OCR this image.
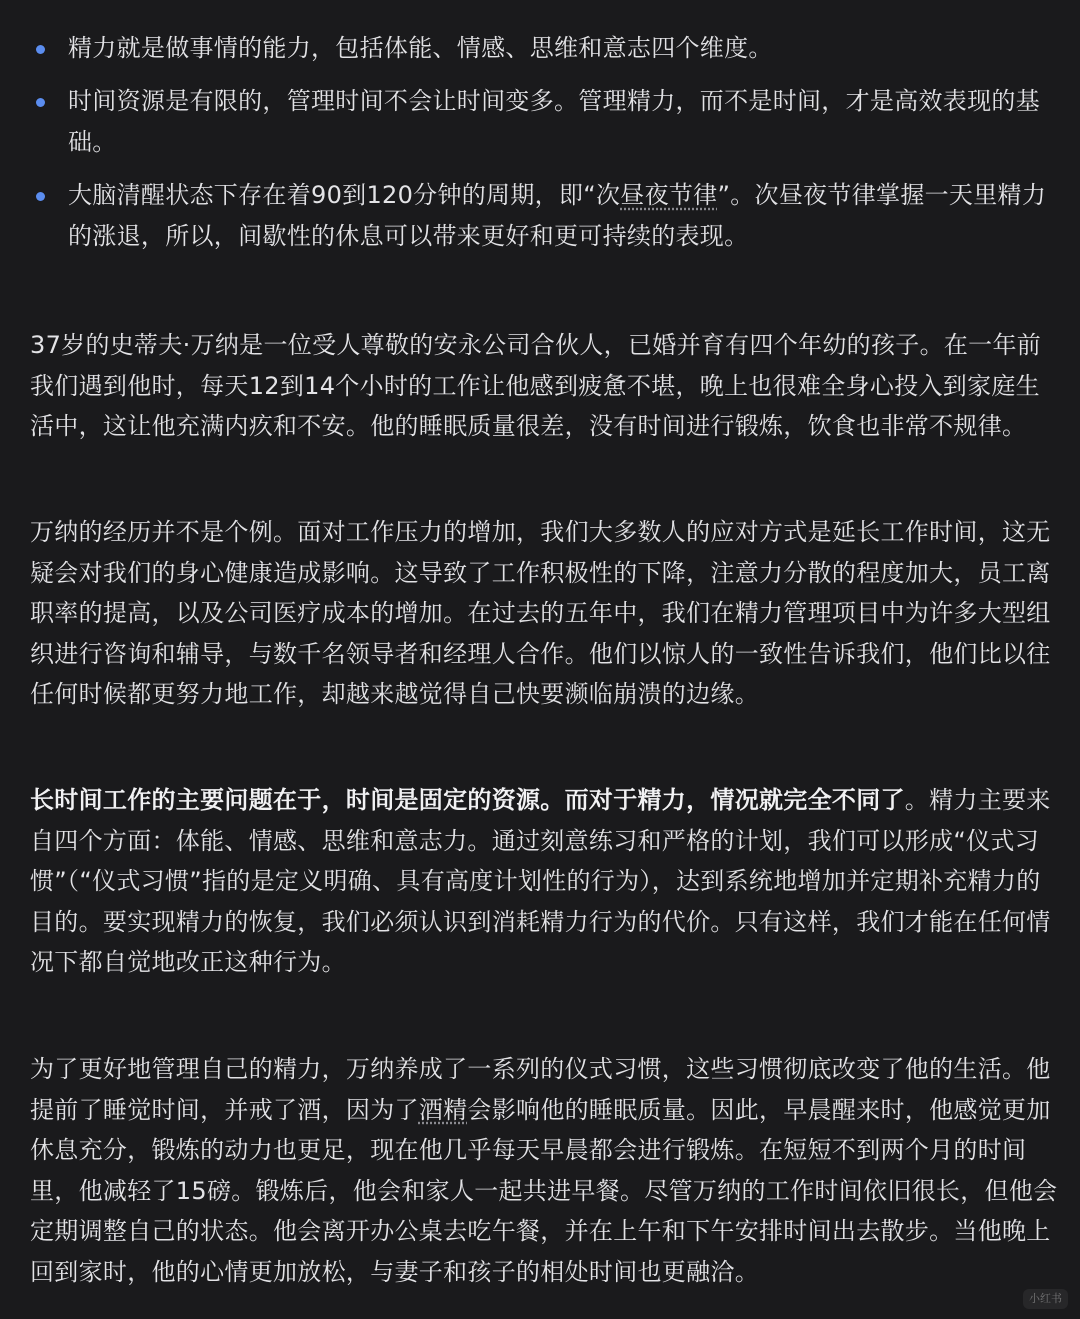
精力就是做事情的能力，包括体能、情感、思维和意志四个维度。
时间资源是有限的，管理时间不会让时间变多。管理精力，而不是时间，才是高效表现的基础。
大脑清醒状态下存在着90到120分钟的周期，即“次昼夜节律”。次昼夜节律掌握一天里精力的涨退，所以，间歇性的休息可以带来更好和更可持续的表现。

37岁的史蒂夫·万纳是一位受人尊敬的安永公司合伙人，已婚并育有四个年幼的孩子。在一年前我们遇到他时，每天12到14个小时的工作让他感到疲惫不堪，晚上也很难全身心投入到家庭生活中，这让他充满内疚和不安。他的睡眠质量很差，没有时间进行锻炼，饮食也非常不规律。

万纳的经历并不是个例。面对工作压力的增加，我们大多数人的应对方式是延长工作时间，这无疑会对我们的身心健康造成影响。这导致了工作积极性的下降，注意力分散的程度加大，员工离职率的提高，以及公司医疗成本的增加。在过去的五年中，我们在精力管理项目中为许多大型组织进行咨询和辅导，与数千名领导者和经理人合作。他们以惊人的一致性告诉我们，他们比以往任何时候都更努力地工作，却越来越觉得自己快要濒临崩溃的边缘。

长时间工作的主要问题在于，时间是固定的资源。而对于精力，情况就完全不同了。精力主要来自四个方面：体能、情感、思维和意志力。通过刻意练习和严格的计划，我们可以形成“仪式习惯”（“仪式习惯”指的是定义明确、具有高度计划性的行为），达到系统地增加并定期补充精力的目的。要实现精力的恢复，我们必须认识到消耗精力行为的代价。只有这样，我们才能在任何情况下都自觉地改正这种行为。

为了更好地管理自己的精力，万纳养成了一系列的仪式习惯，这些习惯彻底改变了他的生活。他提前了睡觉时间，并戒了酒，因为了酒精会影响他的睡眠质量。因此，早晨醒来时，他感觉更加休息充分，锻炼的动力也更足，现在他几乎每天早晨都会进行锻炼。在短短不到两个月的时间里，他减轻了15磅。锻炼后，他会和家人一起共进早餐。尽管万纳的工作时间依旧很长，但他会定期调整自己的状态。他会离开办公桌去吃午餐，并在上午和下午安排时间出去散步。当他晚上回到家时，他的心情更加放松，与妻子和孩子的相处时间也更融洽。

小红书
